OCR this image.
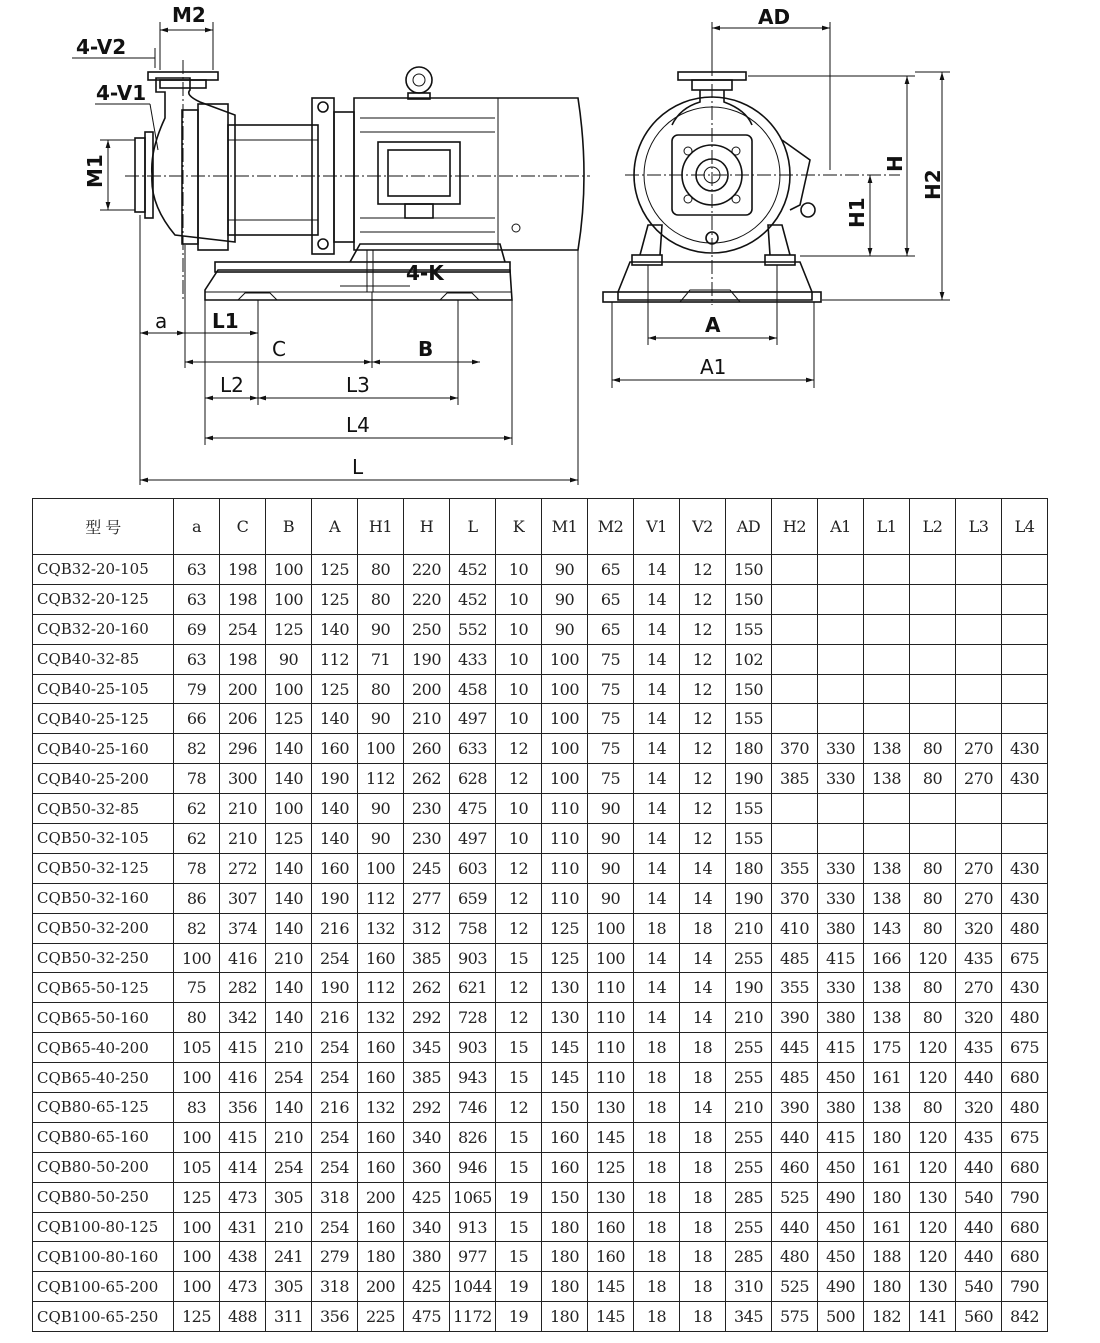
M2
4-V2
4-V1
M1
4-K
a L1
C	B
L2	L3
L4
L
AD
H
H2
H1
A
A1
型 号	a	C	B	A	H1	H	L	K	M1	M2	V1	V2	AD	H2	A1	L1	L2	L3	L4
CQB32-20-105	63	198	100	125	80	220	452	10	90	65	14	12	150						
CQB32-20-125	63	198	100	125	80	220	452	10	90	65	14	12	150						
CQB32-20-160	69	254	125	140	90	250	552	10	90	65	14	12	155						
CQB40-32-85	63	198	90	112	71	190	433	10	100	75	14	12	102						
CQB40-25-105	79	200	100	125	80	200	458	10	100	75	14	12	150						
CQB40-25-125	66	206	125	140	90	210	497	10	100	75	14	12	155						
CQB40-25-160	82	296	140	160	100	260	633	12	100	75	14	12	180	370	330	138	80	270	430
CQB40-25-200	78	300	140	190	112	262	628	12	100	75	14	12	190	385	330	138	80	270	430
CQB50-32-85	62	210	100	140	90	230	475	10	110	90	14	12	155						
CQB50-32-105	62	210	125	140	90	230	497	10	110	90	14	12	155						
CQB50-32-125	78	272	140	160	100	245	603	12	110	90	14	14	180	355	330	138	80	270	430
CQB50-32-160	86	307	140	190	112	277	659	12	110	90	14	14	190	370	330	138	80	270	430
CQB50-32-200	82	374	140	216	132	312	758	12	125	100	18	18	210	410	380	143	80	320	480
CQB50-32-250	100	416	210	254	160	385	903	15	125	100	14	14	255	485	415	166	120	435	675
CQB65-50-125	75	282	140	190	112	262	621	12	130	110	14	14	190	355	330	138	80	270	430
CQB65-50-160	80	342	140	216	132	292	728	12	130	110	14	14	210	390	380	138	80	320	480
CQB65-40-200	105	415	210	254	160	345	903	15	145	110	18	18	255	445	415	175	120	435	675
CQB65-40-250	100	416	254	254	160	385	943	15	145	110	18	18	255	485	450	161	120	440	680
CQB80-65-125	83	356	140	216	132	292	746	12	150	130	18	14	210	390	380	138	80	320	480
CQB80-65-160	100	415	210	254	160	340	826	15	160	145	18	18	255	440	415	180	120	435	675
CQB80-50-200	105	414	254	254	160	360	946	15	160	125	18	18	255	460	450	161	120	440	680
CQB80-50-250	125	473	305	318	200	425	1065	19	150	130	18	18	285	525	490	180	130	540	790
CQB100-80-125	100	431	210	254	160	340	913	15	180	160	18	18	255	440	450	161	120	440	680
CQB100-80-160	100	438	241	279	180	380	977	15	180	160	18	18	285	480	450	188	120	440	680
CQB100-65-200	100	473	305	318	200	425	1044	19	180	145	18	18	310	525	490	180	130	540	790
CQB100-65-250	125	488	311	356	225	475	1172	19	180	145	18	18	345	575	500	182	141	560	842
